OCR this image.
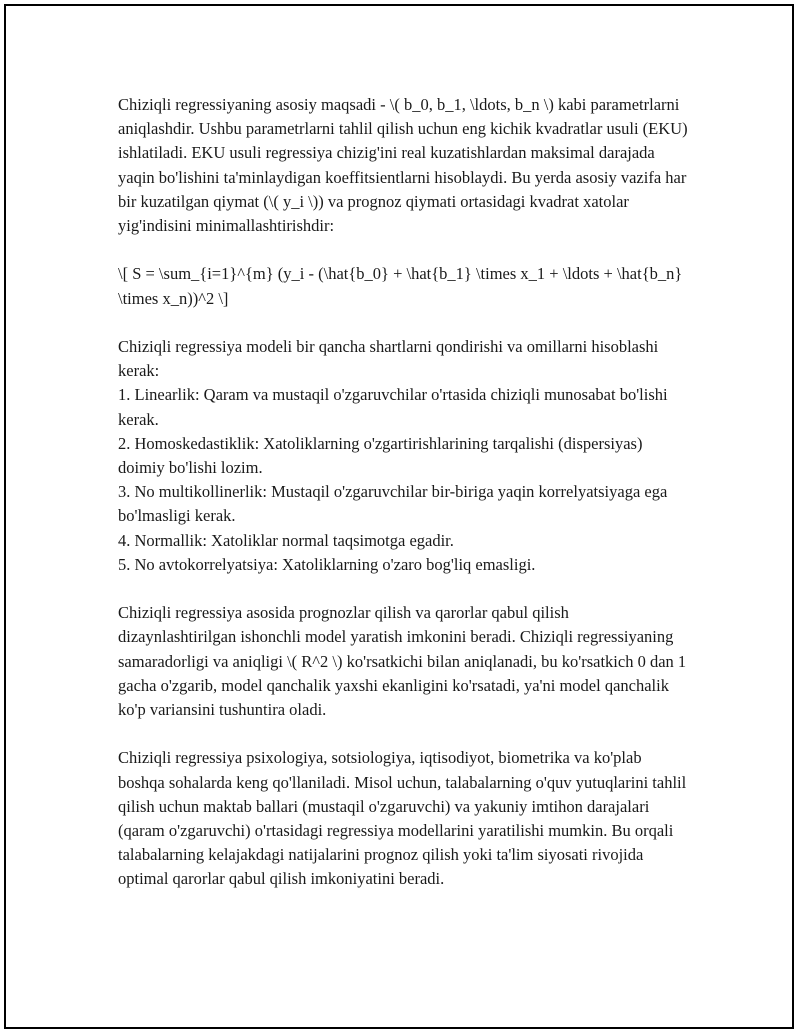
Chiziqli regressiyaning asosiy maqsadi - \( b_0, b_1, \ldots, b_n \) kabi parametrlarni aniqlashdir. Ushbu parametrlarni tahlil qilish uchun eng kichik kvadratlar usuli (EKU) ishlatiladi. EKU usuli regressiya chizig'ini real kuzatishlardan maksimal darajada yaqin bo'lishini ta'minlaydigan koeffitsientlarni hisoblaydi. Bu yerda asosiy vazifa har bir kuzatilgan qiymat (\( y_i \)) va prognoz qiymati ortasidagi kvadrat xatolar yig'indisini minimallashtirishdir:

\[ S = \sum_{i=1}^{m} (y_i - (\hat{b_0} + \hat{b_1} \times x_1 + \ldots + \hat{b_n} \times x_n))^2 \]

Chiziqli regressiya modeli bir qancha shartlarni qondirishi va omillarni hisoblashi kerak:

1. Linearlik: Qaram va mustaqil o'zgaruvchilar o'rtasida chiziqli munosabat bo'lishi kerak.
2. Homoskedastiklik: Xatoliklarning o'zgartirishlarining tarqalishi (dispersiyas) doimiy bo'lishi lozim.
3. No multikollinerlik: Mustaqil o'zgaruvchilar bir-biriga yaqin korrelyatsiyaga ega bo'lmasligi kerak.
4. Normallik: Xatoliklar normal taqsimotga egadir.
5. No avtokorrelyatsiya: Xatoliklarning o'zaro bog'liq emasligi.

Chiziqli regressiya asosida prognozlar qilish va qarorlar qabul qilish dizaynlashtirilgan ishonchli model yaratish imkonini beradi. Chiziqli regressiyaning samaradorligi va aniqligi \( R^2 \) ko'rsatkichi bilan aniqlanadi, bu ko'rsatkich 0 dan 1 gacha o'zgarib, model qanchalik yaxshi ekanligini ko'rsatadi, ya'ni model qanchalik ko'p variansini tushuntira oladi.

Chiziqli regressiya psixologiya, sotsiologiya, iqtisodiyot, biometrika va ko'plab boshqa sohalarda keng qo'llaniladi. Misol uchun, talabalarning o'quv yutuqlarini tahlil qilish uchun maktab ballari (mustaqil o'zgaruvchi) va yakuniy imtihon darajalari (qaram o'zgaruvchi) o'rtasidagi regressiya modellarini yaratilishi mumkin. Bu orqali talabalarning kelajakdagi natijalarini prognoz qilish yoki ta'lim siyosati rivojida optimal qarorlar qabul qilish imkoniyatini beradi.
